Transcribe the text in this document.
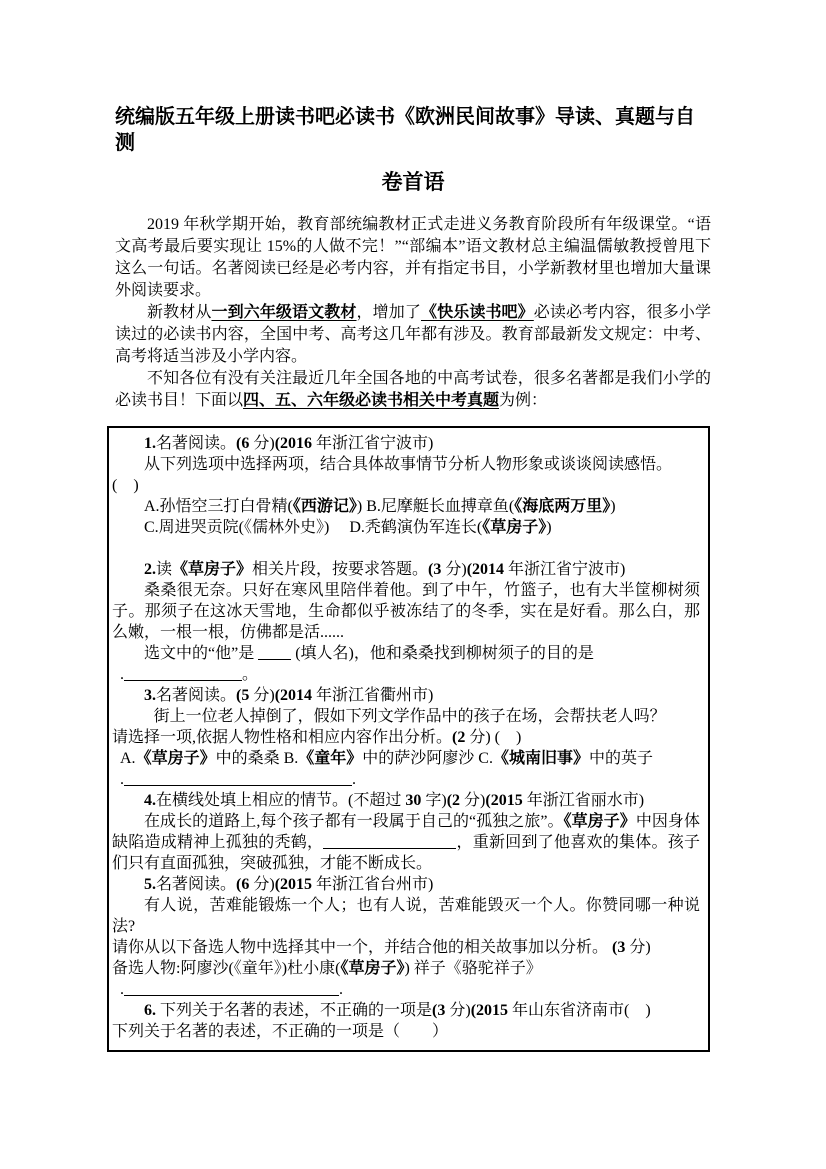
统编版五年级上册读书吧必读书《欧洲民间故事》导读、真题与自测
卷首语

2019 年秋学期开始，教育部统编教材正式走进义务教育阶段所有年级课堂。“语文高考最后要实现让 15%的人做不完！”“部编本”语文教材总主编温儒敏教授曾甩下这么一句话。名著阅读已经是必考内容，并有指定书目，小学新教材里也增加大量课外阅读要求。

新教材从一到六年级语文教材，增加了《快乐读书吧》必读必考内容，很多小学读过的必读书内容，全国中考、高考这几年都有涉及。教育部最新发文规定：中考、高考将适当涉及小学内容。

不知各位有没有关注最近几年全国各地的中高考试卷，很多名著都是我们小学的必读书目！下面以四、五、六年级必读书相关中考真题为例：

1.名著阅读。(6 分)(2016 年浙江省宁波市)
从下列选项中选择两项，结合具体故事情节分析人物形象或谈谈阅读感悟。
(　)
A.孙悟空三打白骨精(《西游记》) B.尼摩艇长血搏章鱼(《海底两万里》)
C.周进哭贡院(《儒林外史》)　 D.秃鹤演伪军连长(《草房子》)
2.读《草房子》相关片段，按要求答题。(3 分)(2014 年浙江省宁波市)
桑桑很无奈。只好在寒风里陪伴着他。到了中午，竹篮子，也有大半筐柳树须子。那须子在这冰天雪地，生命都似乎被冻结了的冬季，实在是好看。那么白，那么嫩，一根一根，仿佛都是活......
选文中的“他”是  (填人名)，他和桑桑找到柳树须子的目的是
.	。
3.名著阅读。(5 分)(2014 年浙江省衢州市)
街上一位老人掉倒了，假如下列文学作品中的孩子在场，会帮扶老人吗？
请选择一项,依据人物性格和相应内容作出分析。(2 分) (　)
A.《草房子》中的桑桑 B.《童年》中的萨沙阿廖沙 C.《城南旧事》中的英子
.	.
4.在横线处填上相应的情节。(不超过 30 字)(2 分)(2015 年浙江省丽水市)
在成长的道路上,每个孩子都有一段属于自己的“孤独之旅”。《草房子》中因身体缺陷造成精神上孤独的秃鹤，	，重新回到了他喜欢的集体。孩子们只有直面孤独，突破孤独，才能不断成长。
5.名著阅读。(6 分)(2015 年浙江省台州市)
有人说，苦难能锻炼一个人；也有人说，苦难能毁灭一个人。你赞同哪一种说法?
请你从以下备选人物中选择其中一个，并结合他的相关故事加以分析。 (3 分)
备选人物:阿廖沙(《童年》)杜小康(《草房子》) 祥子《骆驼祥子》
.	.
6. 下列关于名著的表述，不正确的一项是(3 分)(2015 年山东省济南市(　)
下列关于名著的表述，不正确的一项是（　　）
